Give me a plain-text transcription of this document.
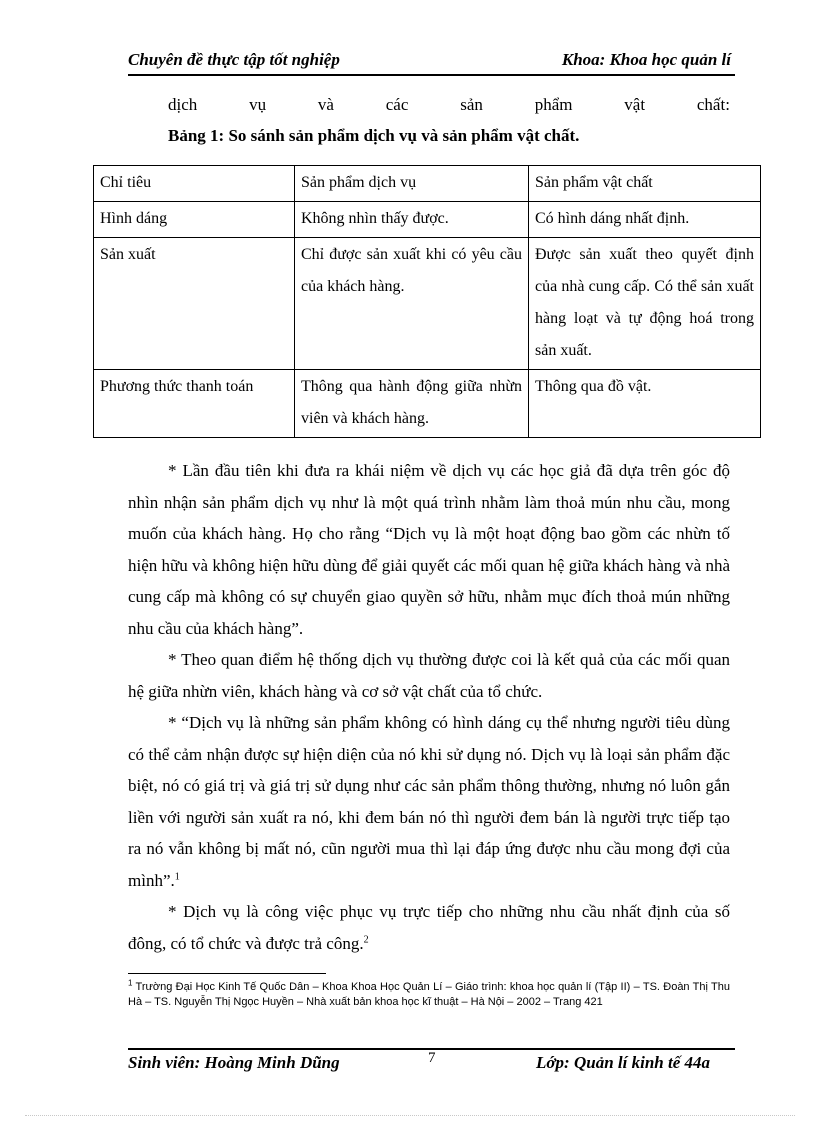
Chuyên đề thực tập tốt nghiệp	Khoa: Khoa học quản lí
dịch	vụ	và	các	sản	phẩm	vật	chất:
Bảng 1: So sánh sản phẩm dịch vụ và sản phẩm vật chất.
Chỉ tiêu	Sản phẩm dịch vụ	Sản phẩm vật chất
Hình dáng	Không nhìn thấy được.	Có hình dáng nhất định.
Sản xuất	Chỉ được sản xuất khi có yêu cầu của khách hàng.	Được sản xuất theo quyết định của nhà cung cấp. Có thể sản xuất hàng loạt và tự động hoá trong sản xuất.
Phương thức thanh toán	Thông qua hành động giữa nhừn viên và khách hàng.	Thông qua đồ vật.

* Lần đầu tiên khi đưa ra khái niệm về dịch vụ các học giả đã dựa trên góc độ nhìn nhận sản phẩm dịch vụ như là một quá trình nhằm làm thoả mún nhu cầu, mong muốn của khách hàng. Họ cho rằng “Dịch vụ là một hoạt động bao gồm các nhừn tố hiện hữu và không hiện hữu dùng để giải quyết các mối quan hệ giữa khách hàng và nhà cung cấp mà không có sự chuyển giao quyền sở hữu, nhằm mục đích thoả mún những nhu cầu của khách hàng”.

* Theo quan điểm hệ thống dịch vụ thường được coi là kết quả của các mối quan hệ giữa nhừn viên, khách hàng và cơ sở vật chất của tổ chức.

* “Dịch vụ là những sản phẩm không có hình dáng cụ thể nhưng người tiêu dùng có thể cảm nhận được sự hiện diện của nó khi sử dụng nó. Dịch vụ là loại sản phẩm đặc biệt, nó có giá trị và giá trị sử dụng như các sản phẩm thông thường, nhưng nó luôn gắn liền với người sản xuất ra nó, khi đem bán nó thì người đem bán là người trực tiếp tạo ra nó vẫn không bị mất nó, cũn người mua thì lại đáp ứng được nhu cầu mong đợi của mình”.$^1$

* Dịch vụ là công việc phục vụ trực tiếp cho những nhu cầu nhất định của số đông, có tổ chức và được trả công.$^2$

$^1$ Trường Đại Học Kinh Tế Quốc Dân – Khoa Khoa Học Quản Lí – Giáo trình: khoa học quản lí (Tập II) – TS. Đoàn Thị Thu Hà – TS. Nguyễn Thị Ngọc Huyền – Nhà xuất bản khoa học kĩ thuật – Hà Nội – 2002 – Trang 421
Sinh viên: Hoàng Minh Dũng	7	Lớp: Quản lí kinh tế 44a
